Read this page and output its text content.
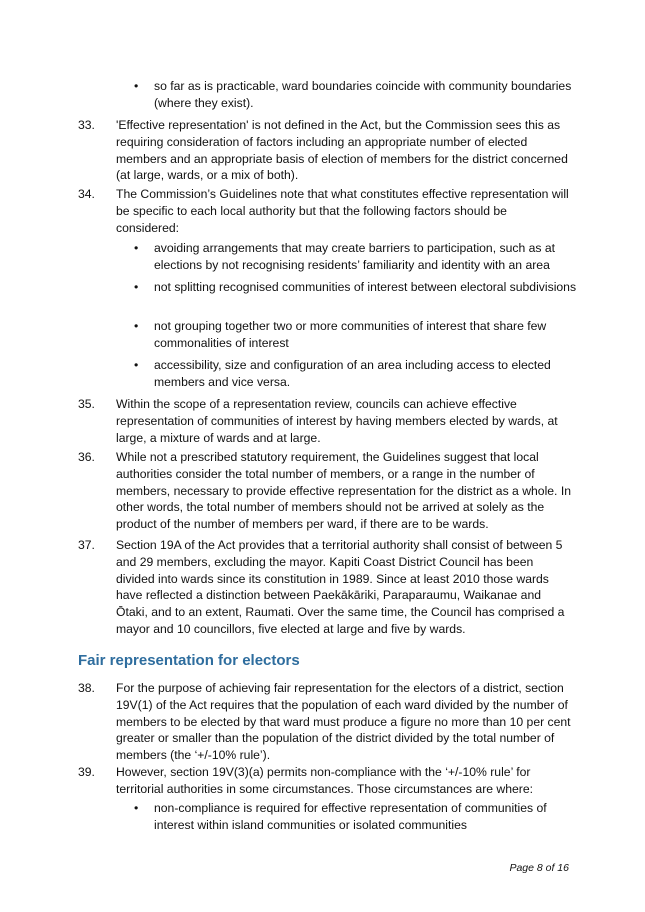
• so far as is practicable, ward boundaries coincide with community boundaries (where they exist).
33. 'Effective representation' is not defined in the Act, but the Commission sees this as requiring consideration of factors including an appropriate number of elected members and an appropriate basis of election of members for the district concerned (at large, wards, or a mix of both).
34. The Commission’s Guidelines note that what constitutes effective representation will be specific to each local authority but that the following factors should be considered:
• avoiding arrangements that may create barriers to participation, such as at elections by not recognising residents’ familiarity and identity with an area
• not splitting recognised communities of interest between electoral subdivisions
• not grouping together two or more communities of interest that share few commonalities of interest
• accessibility, size and configuration of an area including access to elected members and vice versa.
35. Within the scope of a representation review, councils can achieve effective representation of communities of interest by having members elected by wards, at large, a mixture of wards and at large.
36. While not a prescribed statutory requirement, the Guidelines suggest that local authorities consider the total number of members, or a range in the number of members, necessary to provide effective representation for the district as a whole. In other words, the total number of members should not be arrived at solely as the product of the number of members per ward, if there are to be wards.
37. Section 19A of the Act provides that a territorial authority shall consist of between 5 and 29 members, excluding the mayor. Kapiti Coast District Council has been divided into wards since its constitution in 1989. Since at least 2010 those wards have reflected a distinction between Paekākāriki, Paraparaumu, Waikanae and Ōtaki, and to an extent, Raumati. Over the same time, the Council has comprised a mayor and 10 councillors, five elected at large and five by wards.
Fair representation for electors
38. For the purpose of achieving fair representation for the electors of a district, section 19V(1) of the Act requires that the population of each ward divided by the number of members to be elected by that ward must produce a figure no more than 10 per cent greater or smaller than the population of the district divided by the total number of members (the ‘+/-10% rule’).
39. However, section 19V(3)(a) permits non-compliance with the ‘+/-10% rule’ for territorial authorities in some circumstances. Those circumstances are where:
• non-compliance is required for effective representation of communities of interest within island communities or isolated communities
Page 8 of 16
